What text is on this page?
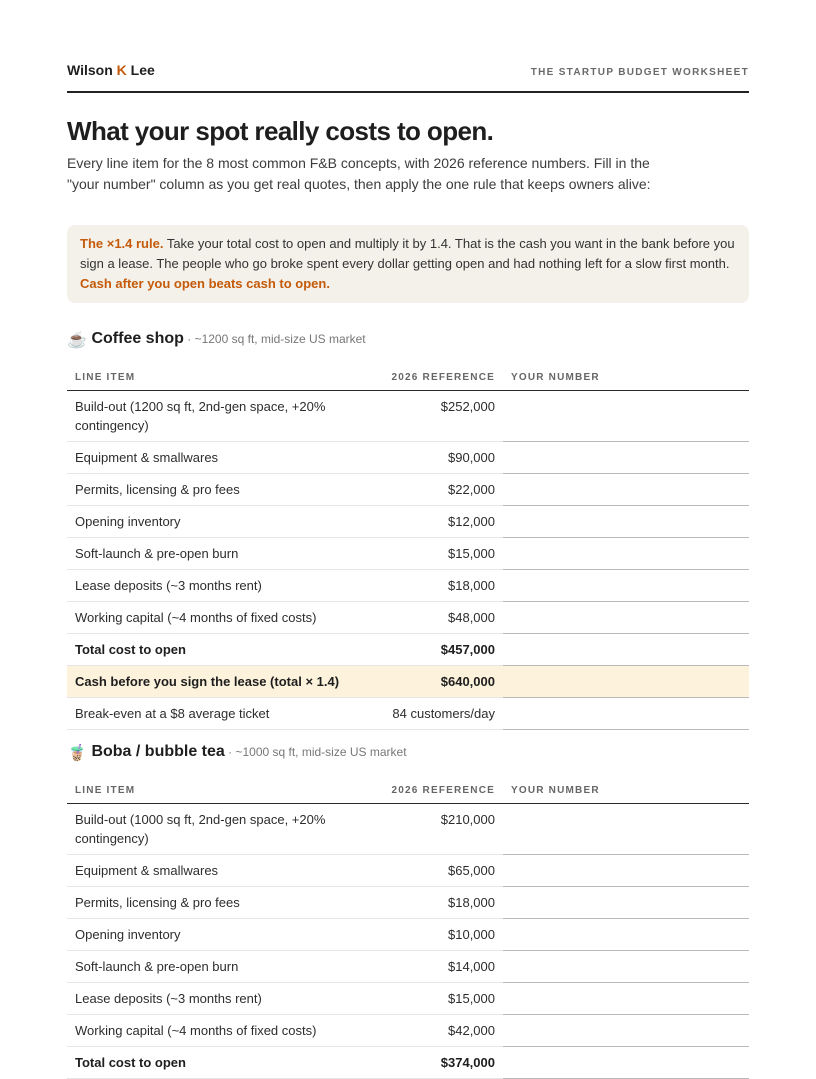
Wilson K Lee	THE STARTUP BUDGET WORKSHEET
What your spot really costs to open.

Every line item for the 8 most common F&B concepts, with 2026 reference numbers. Fill in the "your number" column as you get real quotes, then apply the one rule that keeps owners alive:

The ×1.4 rule. Take your total cost to open and multiply it by 1.4. That is the cash you want in the bank before you sign a lease. The people who go broke spent every dollar getting open and had nothing left for a slow first month. Cash after you open beats cash to open.
☕ Coffee shop · ~1200 sq ft, mid-size US market
LINE ITEM	2026 REFERENCE	YOUR NUMBER
Build-out (1200 sq ft, 2nd-gen space, +20% contingency)	$252,000	
Equipment & smallwares	$90,000	
Permits, licensing & pro fees	$22,000	
Opening inventory	$12,000	
Soft-launch & pre-open burn	$15,000	
Lease deposits (~3 months rent)	$18,000	
Working capital (~4 months of fixed costs)	$48,000	
Total cost to open	$457,000	
Cash before you sign the lease (total × 1.4)	$640,000	
Break-even at a $8 average ticket	84 customers/day	
🧋 Boba / bubble tea · ~1000 sq ft, mid-size US market
LINE ITEM	2026 REFERENCE	YOUR NUMBER
Build-out (1000 sq ft, 2nd-gen space, +20% contingency)	$210,000	
Equipment & smallwares	$65,000	
Permits, licensing & pro fees	$18,000	
Opening inventory	$10,000	
Soft-launch & pre-open burn	$14,000	
Lease deposits (~3 months rent)	$15,000	
Working capital (~4 months of fixed costs)	$42,000	
Total cost to open	$374,000	
